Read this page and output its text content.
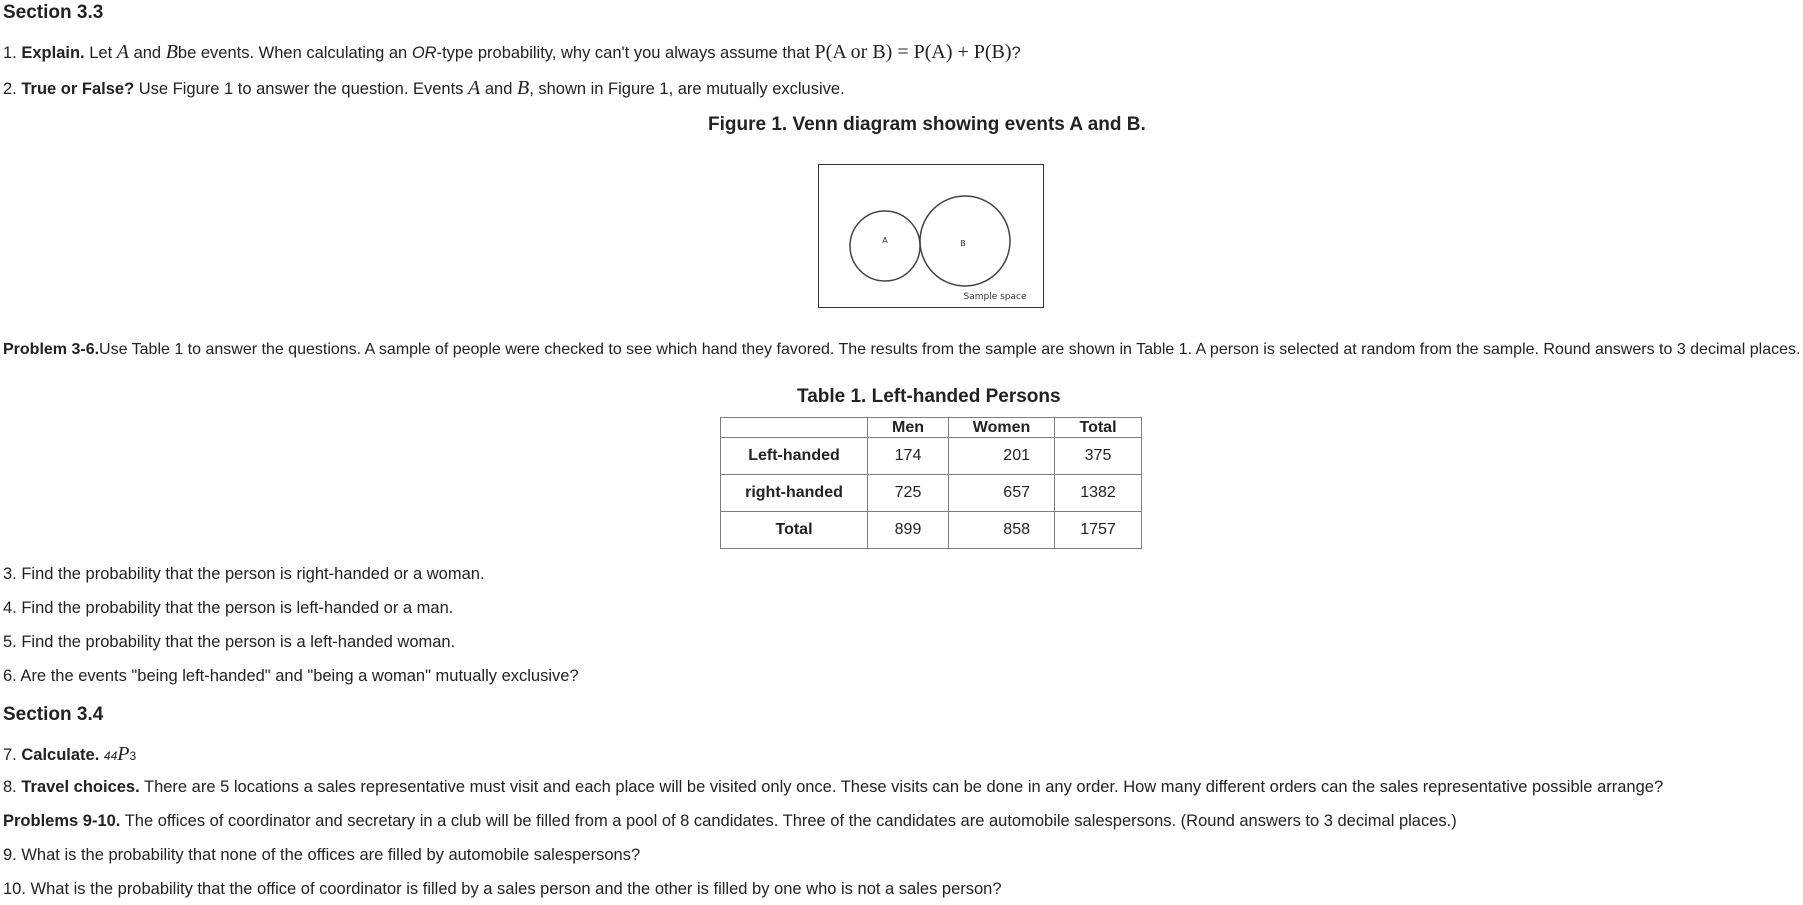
Section 3.3
1. Explain. Let A and Bbe events. When calculating an OR-type probability, why can't you always assume that P(A or B) = P(A) + P(B)?
2. True or False? Use Figure 1 to answer the question. Events A and B, shown in Figure 1, are mutually exclusive.
Figure 1. Venn diagram showing events A and B.
A	B
Sample space
Problem 3-6.Use Table 1 to answer the questions. A sample of people were checked to see which hand they favored. The results from the sample are shown in Table 1. A person is selected at random from the sample. Round answers to 3 decimal places.
Table 1. Left-handed Persons
	Men	Women	Total
Left-handed	174	201	375
right-handed	725	657	1382
Total	899	858	1757
3. Find the probability that the person is right-handed or a woman.
4. Find the probability that the person is left-handed or a man.
5. Find the probability that the person is a left-handed woman.
6. Are the events "being left-handed" and "being a woman" mutually exclusive?
Section 3.4
7. Calculate. 44P3
8. Travel choices. There are 5 locations a sales representative must visit and each place will be visited only once. These visits can be done in any order. How many different orders can the sales representative possible arrange?
Problems 9-10. The offices of coordinator and secretary in a club will be filled from a pool of 8 candidates. Three of the candidates are automobile salespersons. (Round answers to 3 decimal places.)
9. What is the probability that none of the offices are filled by automobile salespersons?
10. What is the probability that the office of coordinator is filled by a sales person and the other is filled by one who is not a sales person?
